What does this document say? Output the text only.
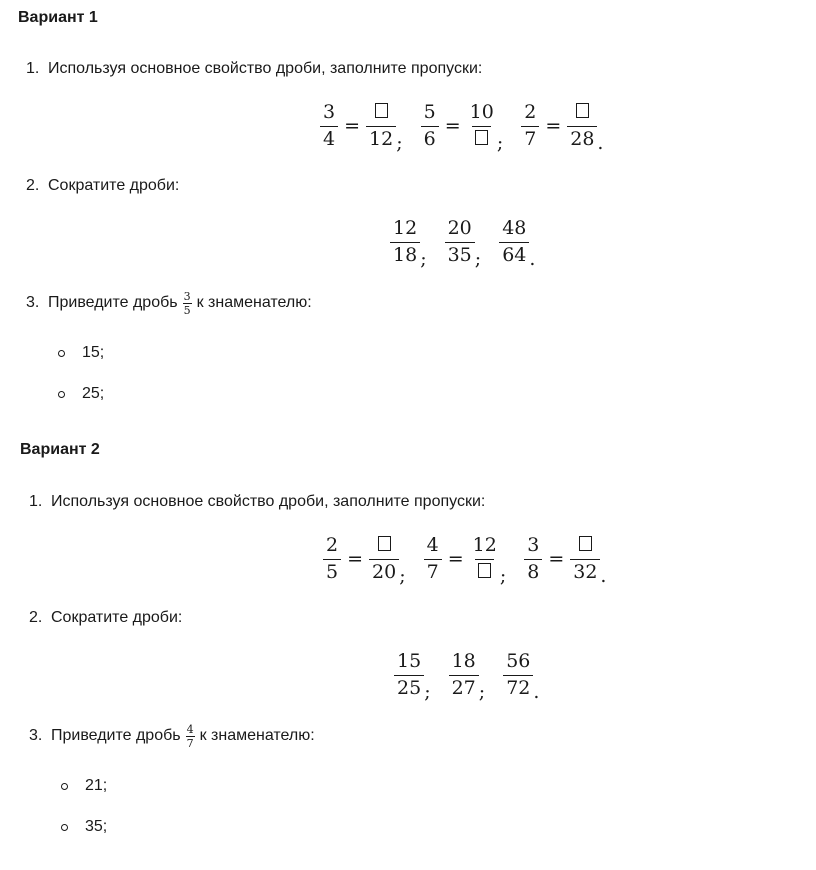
Вариант 1
1. Используя основное свойство дроби, заполните пропуски:
$\frac{3}{4}$ =
12 ; $\frac{5}{6}$ =
10
; $\frac{2}{7}$ =
28 .
2. Сократите дроби:
$\frac{12}{18}$ ; $\frac{20}{35}$ ; $\frac{48}{64}$ .
3. Приведите дробь $\frac{3}{5}$ к знаменателю:
15;
25;
Вариант 2
1. Используя основное свойство дроби, заполните пропуски:
$\frac{2}{5}$ =
20 ; $\frac{4}{7}$ =
12
; $\frac{3}{8}$ =
32 .
2. Сократите дроби:
$\frac{15}{25}$ ; $\frac{18}{27}$ ; $\frac{56}{72}$ .
3. Приведите дробь $\frac{4}{7}$ к знаменателю:
21;
35;
